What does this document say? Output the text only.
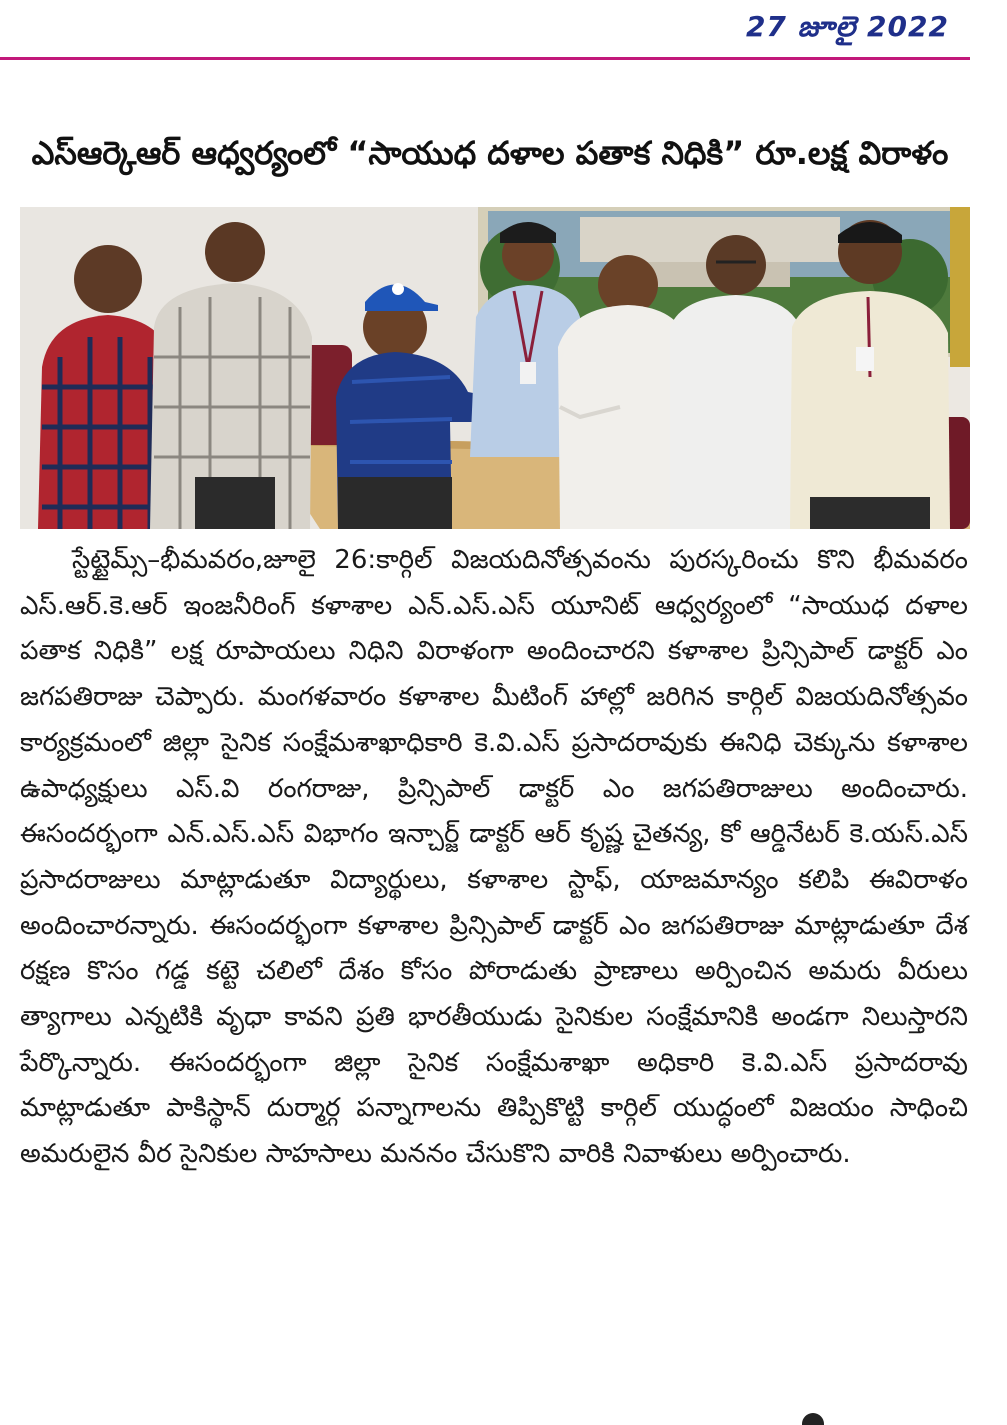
27 జూలై 2022
ఎస్ఆర్కెఆర్ ఆధ్వర్యంలో “సాయుధ దళాల పతాక నిధికి” రూ.లక్ష విరాళం

స్టేట్టైమ్స్–భీమవరం,జూలై 26:కార్గిల్ విజయదినోత్సవంను పురస్కరించు కొని భీమవరం ఎస్.ఆర్.కె.ఆర్ ఇంజనీరింగ్ కళాశాల ఎన్.ఎస్.ఎస్ యూనిట్ ఆధ్వర్యంలో “సాయుధ దళాల పతాక నిధికి” లక్ష రూపాయలు నిధిని విరాళంగా అందించారని కళాశాల ప్రిన్సిపాల్ డాక్టర్ ఎం జగపతిరాజు చెప్పారు. మంగళవారం కళాశాల మీటింగ్ హాల్లో జరిగిన కార్గిల్ విజయదినోత్సవం కార్యక్రమంలో జిల్లా సైనిక సంక్షేమశాఖాధికారి కె.వి.ఎస్ ప్రసాదరావుకు ఈనిధి చెక్కును కళాశాల ఉపాధ్యక్షులు ఎస్.వి రంగరాజు, ప్రిన్సిపాల్ డాక్టర్ ఎం జగపతిరాజులు అందించారు. ఈసందర్భంగా ఎన్.ఎస్.ఎస్ విభాగం ఇన్చార్జ్ డాక్టర్ ఆర్ కృష్ణ చైతన్య, కో ఆర్డినేటర్ కె.యస్.ఎస్ ప్రసాదరాజులు మాట్లాడుతూ విద్యార్థులు, కళాశాల స్టాఫ్, యాజమాన్యం కలిపి ఈవిరాళం అందించారన్నారు. ఈసందర్భంగా కళాశాల ప్రిన్సిపాల్ డాక్టర్ ఎం జగపతిరాజు మాట్లాడుతూ దేశ రక్షణ కొసం గడ్డ కట్టె చలిలో దేశం కోసం పోరాడుతు ప్రాణాలు అర్పించిన అమరు వీరులు త్యాగాలు ఎన్నటికి వృధా కావని ప్రతి భారతీయుడు సైనికుల సంక్షేమానికి అండగా నిలుస్తారని పేర్కొన్నారు. ఈసందర్భంగా జిల్లా సైనిక సంక్షేమశాఖా అధికారి కె.వి.ఎస్ ప్రసాదరావు మాట్లాడుతూ పాకిస్థాన్ దుర్మార్గ పన్నాగాలను తిప్పికొట్టి కార్గిల్ యుద్ధంలో విజయం సాధించి అమరులైన వీర సైనికుల సాహసాలు మననం చేసుకొని వారికి నివాళులు అర్పించారు.
